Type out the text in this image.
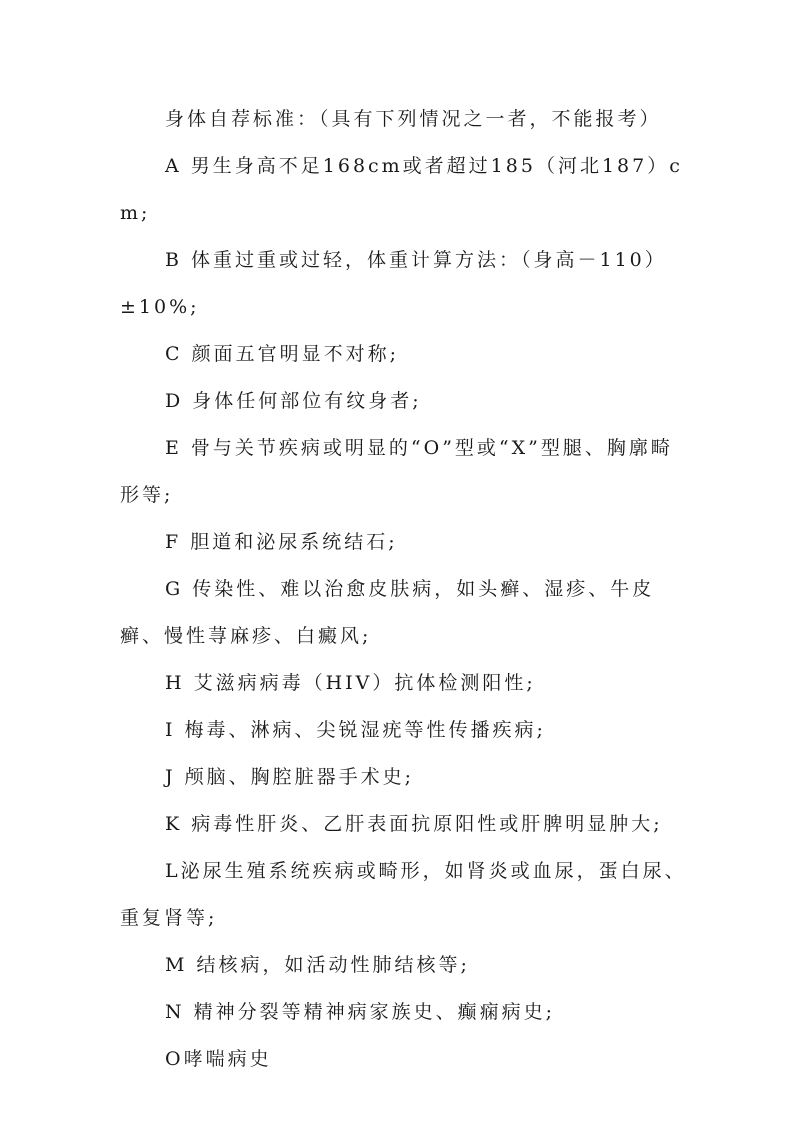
身体自荐标准：（具有下列情况之一者，不能报考）

A 男生身高不足168cm或者超过185（河北187）cm;

B 体重过重或过轻，体重计算方法：（身高－110）±10%;

C 颜面五官明显不对称;

D 身体任何部位有纹身者;

E 骨与关节疾病或明显的“O”型或“X”型腿、胸廓畸形等;

F 胆道和泌尿系统结石;

G 传染性、难以治愈皮肤病，如头癣、湿疹、牛皮癣、慢性荨麻疹、白癜风;

H 艾滋病病毒（HIV）抗体检测阳性;

I 梅毒、淋病、尖锐湿疣等性传播疾病;

J 颅脑、胸腔脏器手术史;

K 病毒性肝炎、乙肝表面抗原阳性或肝脾明显肿大;

L泌尿生殖系统疾病或畸形，如肾炎或血尿，蛋白尿、重复肾等;

M 结核病，如活动性肺结核等;

N 精神分裂等精神病家族史、癫痫病史;

O哮喘病史
